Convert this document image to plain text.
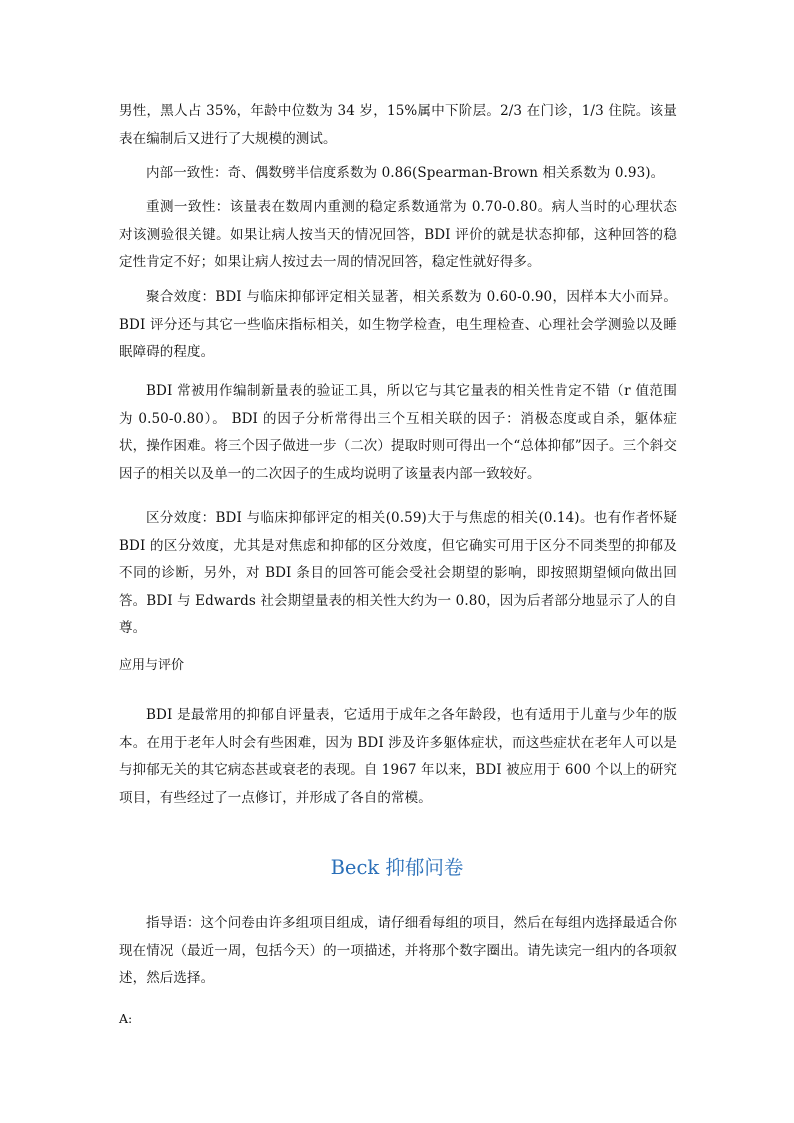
男性，黑人占 35%，年龄中位数为 34 岁，15%属中下阶层。2/3 在门诊，1/3 住院。该量表在编制后又进行了大规模的测试。

内部一致性：奇、偶数劈半信度系数为 0.86(Spearman-Brown 相关系数为 0.93)。

重测一致性：该量表在数周内重测的稳定系数通常为 0.70-0.80。病人当时的心理状态对该测验很关键。如果让病人按当天的情况回答，BDI 评价的就是状态抑郁，这种回答的稳定性肯定不好；如果让病人按过去一周的情况回答，稳定性就好得多。

聚合效度：BDI 与临床抑郁评定相关显著，相关系数为 0.60-0.90，因样本大小而异。BDI 评分还与其它一些临床指标相关，如生物学检查，电生理检查、心理社会学测验以及睡眠障碍的程度。

BDI 常被用作编制新量表的验证工具，所以它与其它量表的相关性肯定不错（r 值范围为 0.50-0.80）。 BDI 的因子分析常得出三个互相关联的因子：消极态度或自杀，躯体症状，操作困难。将三个因子做进一步（二次）提取时则可得出一个“总体抑郁”因子。三个斜交因子的相关以及单一的二次因子的生成均说明了该量表内部一致较好。

区分效度：BDI 与临床抑郁评定的相关(0.59)大于与焦虑的相关(0.14)。也有作者怀疑 BDI 的区分效度，尤其是对焦虑和抑郁的区分效度，但它确实可用于区分不同类型的抑郁及不同的诊断，另外，对 BDI 条目的回答可能会受社会期望的影响，即按照期望倾向做出回答。BDI 与 Edwards 社会期望量表的相关性大约为一 0.80，因为后者部分地显示了人的自尊。

应用与评价

BDI 是最常用的抑郁自评量表，它适用于成年之各年龄段，也有适用于儿童与少年的版本。在用于老年人时会有些困难，因为 BDI 涉及许多躯体症状，而这些症状在老年人可以是与抑郁无关的其它病态甚或衰老的表现。自 1967 年以来，BDI 被应用于 600 个以上的研究项目，有些经过了一点修订，并形成了各自的常模。

Beck 抑郁问卷

指导语：这个问卷由许多组项目组成，请仔细看每组的项目，然后在每组内选择最适合你现在情况（最近一周，包括今天）的一项描述，并将那个数字圈出。请先读完一组内的各项叙述，然后选择。

A:
